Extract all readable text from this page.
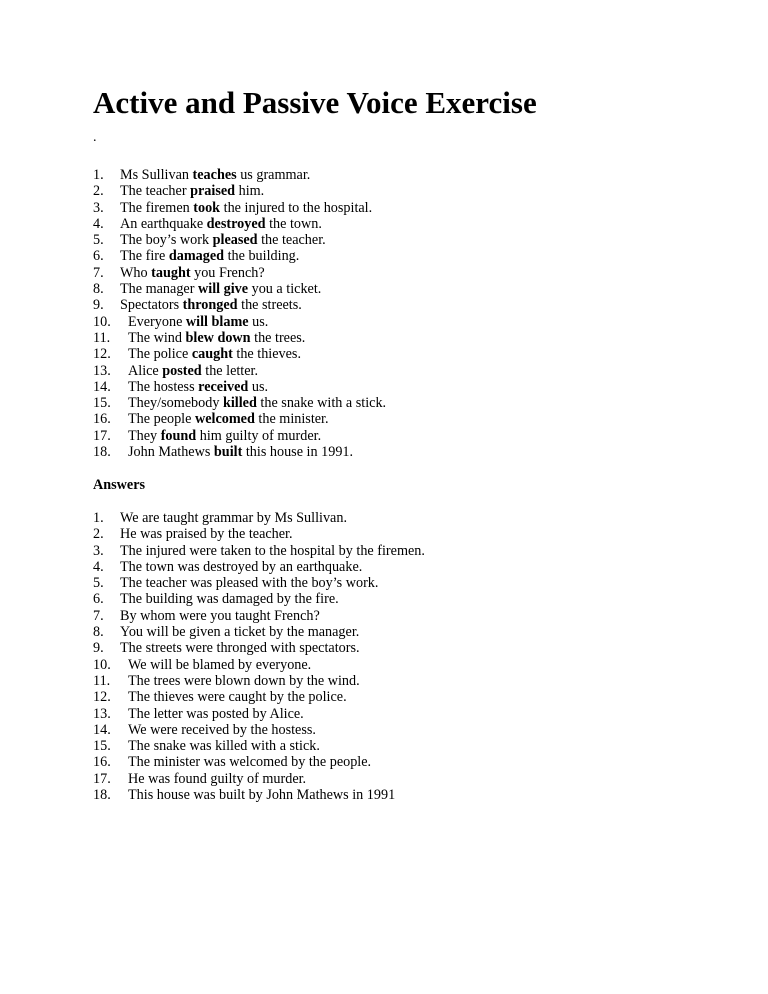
Active and Passive Voice Exercise
.
1. Ms Sullivan teaches us grammar.
2. The teacher praised him.
3. The firemen took the injured to the hospital.
4. An earthquake destroyed the town.
5. The boy’s work pleased the teacher.
6. The fire damaged the building.
7. Who taught you French?
8. The manager will give you a ticket.
9. Spectators thronged the streets.
10. Everyone will blame us.
11. The wind blew down the trees.
12. The police caught the thieves.
13. Alice posted the letter.
14. The hostess received us.
15. They/somebody killed the snake with a stick.
16. The people welcomed the minister.
17. They found him guilty of murder.
18. John Mathews built this house in 1991.
Answers
1. We are taught grammar by Ms Sullivan.
2. He was praised by the teacher.
3. The injured were taken to the hospital by the firemen.
4. The town was destroyed by an earthquake.
5. The teacher was pleased with the boy’s work.
6. The building was damaged by the fire.
7. By whom were you taught French?
8. You will be given a ticket by the manager.
9. The streets were thronged with spectators.
10. We will be blamed by everyone.
11. The trees were blown down by the wind.
12. The thieves were caught by the police.
13. The letter was posted by Alice.
14. We were received by the hostess.
15. The snake was killed with a stick.
16. The minister was welcomed by the people.
17. He was found guilty of murder.
18. This house was built by John Mathews in 1991
